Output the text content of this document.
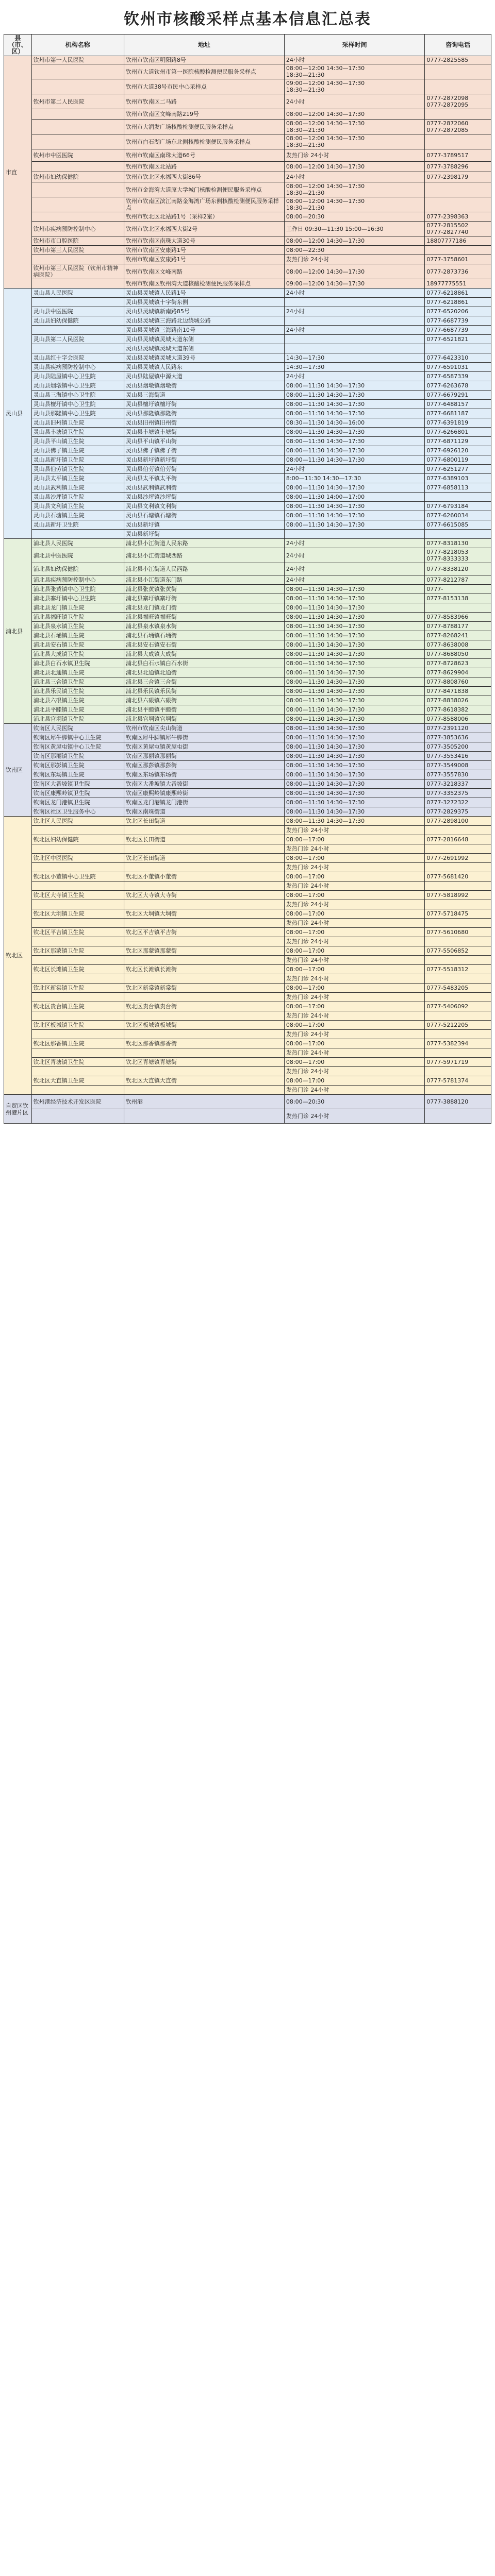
钦州市核酸采样点基本信息汇总表
县（市、区）	机构名称	地址	采样时间	咨询电话
市直	钦州市第一人民医院	钦州市钦南区明阳路8号	24小时	0777-2825585
		钦州市大道钦州市第一医院核酸检测便民服务采样点	08:00—12:00 14:30—17:30
18:30—21:30	
		钦州市大道38号市民中心采样点	09:00—12:00 14:30—17:30
18:30—21:30	
	钦州市第二人民医院	钦州市钦南区二马路	24小时	0777-2872098
0777-2872095
		钦州市钦南区文峰南路219号	08:00—12:00 14:30—17:30	
		钦州市大润发广场核酸检测便民服务采样点	08:00—12:00 14:30—17:30
18:30—21:30	0777-2872060
0777-2872085
		钦州市白石湖广场东北侧核酸检测便民服务采样点	08:00—12:00 14:30—17:30
18:30—21:30	
	钦州市中医医院	钦州市钦南区南珠大道66号	发热门诊 24小时	0777-3789517
		钦州市钦南区北站路	08:00—12:00 14:30—17:30	0777-3788296
	钦州市妇幼保健院	钦州市钦北区永福西大街86号	24小时	0777-2398179
		钦州市金海湾大道原大学城门核酸检测便民服务采样点	08:00—12:00 14:30—17:30
18:30—21:30	
		钦州市钦南区滨江南路金海湾广场东侧核酸检测便民服务采样点	08:00—12:00 14:30—17:30
18:30—21:30	
		钦州市钦北区北站路1号（采样2室）	08:00—20:30	0777-2398363
	钦州市疾病预防控制中心	钦州市钦北区永福西大街2号	工作日 09:30—11:30 15:00—16:30	0777-2815502
0777-2827740
	钦州市市口腔医院	钦州市钦南区南珠大道30号	08:00—12:00 14:30—17:30	18807777186
	钦州市第三人民医院	钦州市钦南区安康路1号	08:00—22:30	
		钦州市钦南区安康路1号	发热门诊 24小时	0777-3758601
	钦州市第三人民医院（钦州市精神病医院）	钦州市钦南区文峰南路	08:00—12:00 14:30—17:30	0777-2873736
		钦州市钦南区钦州湾大道核酸检测便民服务采样点	09:00—12:00 14:30—17:30	18977775551
灵山县	灵山县人民医院	灵山县灵城镇人民路1号	24小时	0777-6218861
		灵山县灵城镇十字街东侧		0777-6218861
	灵山县中医医院	灵山县灵城镇新南路85号	24小时	0777-6520206
	灵山县妇幼保健院	灵山县灵城镇三海路北边绕城公路		0777-6687739
		灵山县灵城镇三海路南10号	24小时	0777-6687739
	灵山县第二人民医院	灵山县灵城镇灵城大道东侧		0777-6521821
		灵山县灵城镇灵城大道东侧		
	灵山县红十字会医院	灵山县灵城镇灵城大道39号	14:30—17:30	0777-6423310
	灵山县疾病预防控制中心	灵山县灵城镇人民路东	14:30—17:30	0777-6591031
	灵山县陆屋镇中心卫生院	灵山县陆屋镇中源大道	24小时	0777-6587339
	灵山县烟墩镇中心卫生院	灵山县烟墩镇烟墩街	08:00—11:30 14:30—17:30	0777-6263678
	灵山县三海镇中心卫生院	灵山县三海街道	08:00—11:30 14:30—17:30	0777-6679291
	灵山县檀圩镇中心卫生院	灵山县檀圩镇檀圩街	08:00—11:30 14:30—17:30	0777-6488157
	灵山县那隆镇中心卫生院	灵山县那隆镇那隆街	08:00—11:30 14:30—17:30	0777-6681187
	灵山县旧州镇卫生院	灵山县旧州镇旧州街	08:30—11:30 14:30—16:00	0777-6391819
	灵山县丰塘镇卫生院	灵山县丰塘镇丰塘街	08:00—11:30 14:30—17:30	0777-6266801
	灵山县平山镇卫生院	灵山县平山镇平山街	08:00—11:30 14:30—17:30	0777-6871129
	灵山县佛子镇卫生院	灵山县佛子镇佛子街	08:00—11:30 14:30—17:30	0777-6926120
	灵山县新圩镇卫生院	灵山县新圩镇新圩街	08:00—11:30 14:30—17:30	0777-6800119
	灵山县伯劳镇卫生院	灵山县伯劳镇伯劳街	24小时	0777-6251277
	灵山县太平镇卫生院	灵山县太平镇太平街	8:00—11:30 14:30—17:30	0777-6389103
	灵山县武利镇卫生院	灵山县武利镇武利街	08:00—11:30 14:30—17:30	0777-6858113
	灵山县沙坪镇卫生院	灵山县沙坪镇沙坪街	08:00—11:30 14:00—17:00	
	灵山县文利镇卫生院	灵山县文利镇文利街	08:00—11:30 14:30—17:30	0777-6793184
	灵山县石塘镇卫生院	灵山县石塘镇石塘街	08:00—11:30 14:30—17:30	0777-6260034
	灵山县新圩卫生院	灵山县新圩镇	08:00—11:30 14:30—17:30	0777-6615085
		灵山县新圩街		
浦北县	浦北县人民医院	浦北县小江街道人民东路	24小时	0777-8318130
	浦北县中医医院	浦北县小江街道城西路	24小时	0777-8218053
0777-8333333
	浦北县妇幼保健院	浦北县小江街道人民西路	24小时	0777-8338120
	浦北县疾病预防控制中心	浦北县小江街道东门路	24小时	0777-8212787
	浦北县张黄镇中心卫生院	浦北县张黄镇张黄街	08:00—11:30 14:30—17:30	0777-
	浦北县寨圩镇中心卫生院	浦北县寨圩镇寨圩街	08:00—11:30 14:30—17:30	0777-8153138
	浦北县龙门镇卫生院	浦北县龙门镇龙门街	08:00—11:30 14:30—17:30	
	浦北县福旺镇卫生院	浦北县福旺镇福旺街	08:00—11:30 14:30—17:30	0777-8583966
	浦北县泉水镇卫生院	浦北县泉水镇泉水街	08:00—11:30 14:30—17:30	0777-8788177
	浦北县石埇镇卫生院	浦北县石埇镇石埇街	08:00—11:30 14:30—17:30	0777-8268241
	浦北县安石镇卫生院	浦北县安石镇安石街	08:00—11:30 14:30—17:30	0777-8638008
	浦北县大成镇卫生院	浦北县大成镇大成街	08:00—11:30 14:30—17:30	0777-8688050
	浦北县白石水镇卫生院	浦北县白石水镇白石水街	08:00—11:30 14:30—17:30	0777-8728623
	浦北县北通镇卫生院	浦北县北通镇北通街	08:00—11:30 14:30—17:30	0777-8629904
	浦北县三合镇卫生院	浦北县三合镇三合街	08:00—11:30 14:30—17:30	0777-8808760
	浦北县乐民镇卫生院	浦北县乐民镇乐民街	08:00—11:30 14:30—17:30	0777-8471838
	浦北县六硍镇卫生院	浦北县六硍镇六硍街	08:00—11:30 14:30—17:30	0777-8838026
	浦北县平睦镇卫生院	浦北县平睦镇平睦街	08:00—11:30 14:30—17:30	0777-8618382
	浦北县官垌镇卫生院	浦北县官垌镇官垌街	08:00—11:30 14:30—17:30	0777-8588006
钦南区	钦南区人民医院	钦州市钦南区尖山街道	08:00—11:30 14:30—17:30	0777-2391120
	钦南区犀牛脚镇中心卫生院	钦南区犀牛脚镇犀牛脚街	08:00—11:30 14:30—17:30	0777-3853636
	钦南区黄屋屯镇中心卫生院	钦南区黄屋屯镇黄屋屯街	08:00—11:30 14:30—17:30	0777-3505200
	钦南区那丽镇卫生院	钦南区那丽镇那丽街	08:00—11:30 14:30—17:30	0777-3553416
	钦南区那彭镇卫生院	钦南区那彭镇那彭街	08:00—11:30 14:30—17:30	0777-3549008
	钦南区东场镇卫生院	钦南区东场镇东场街	08:00—11:30 14:30—17:30	0777-3557830
	钦南区大番坡镇卫生院	钦南区大番坡镇大番坡街	08:00—11:30 14:30—17:30	0777-3218337
	钦南区康熙岭镇卫生院	钦南区康熙岭镇康熙岭街	08:00—11:30 14:30—17:30	0777-3352375
	钦南区龙门港镇卫生院	钦南区龙门港镇龙门港街	08:00—11:30 14:30—17:30	0777-3272322
	钦南区社区卫生服务中心	钦南区南珠街道	08:00—11:30 14:30—17:30	0777-2829375
钦北区	钦北区人民医院	钦北区长田街道	08:00—11:30 14:30—17:30	0777-2898100
			发热门诊 24小时	
	钦北区妇幼保健院	钦北区长田街道	08:00—17:00	0777-2816648
			发热门诊 24小时	
	钦北区中医医院	钦北区长田街道	08:00—17:00	0777-2691992
			发热门诊 24小时	
	钦北区小董镇中心卫生院	钦北区小董镇小董街	08:00—17:00	0777-5681420
			发热门诊 24小时	
	钦北区大寺镇卫生院	钦北区大寺镇大寺街	08:00—17:00	0777-5818992
			发热门诊 24小时	
	钦北区大垌镇卫生院	钦北区大垌镇大垌街	08:00—17:00	0777-5718475
			发热门诊 24小时	
	钦北区平吉镇卫生院	钦北区平吉镇平吉街	08:00—17:00	0777-5610680
			发热门诊 24小时	
	钦北区那蒙镇卫生院	钦北区那蒙镇那蒙街	08:00—17:00	0777-5506852
			发热门诊 24小时	
	钦北区长滩镇卫生院	钦北区长滩镇长滩街	08:00—17:00	0777-5518312
			发热门诊 24小时	
	钦北区新棠镇卫生院	钦北区新棠镇新棠街	08:00—17:00	0777-5483205
			发热门诊 24小时	
	钦北区贵台镇卫生院	钦北区贵台镇贵台街	08:00—17:00	0777-5406092
			发热门诊 24小时	
	钦北区板城镇卫生院	钦北区板城镇板城街	08:00—17:00	0777-5212205
			发热门诊 24小时	
	钦北区那香镇卫生院	钦北区那香镇那香街	08:00—17:00	0777-5382394
			发热门诊 24小时	
	钦北区青塘镇卫生院	钦北区青塘镇青塘街	08:00—17:00	0777-5971719
			发热门诊 24小时	
	钦北区大直镇卫生院	钦北区大直镇大直街	08:00—17:00	0777-5781374
			发热门诊 24小时	
自贸区钦州港片区	钦州港经济技术开发区医院	钦州港	08:00—20:30	0777-3888120
			发热门诊 24小时	
